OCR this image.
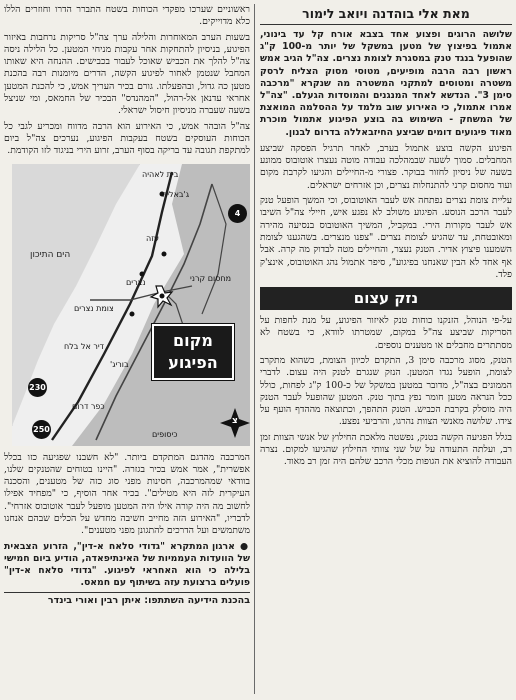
מאת אלי בוהדנה ויואב לימור
שלושה הרוגים ופצוע אחד בצבא אורח קל עד בינוני, אתמול בפיצוץ של מטען במשקל של יותר מ-100 ק"ג שהופעל בנגד טנק במסגרת לצומת נצרים. צה"ל הגיב אמש ראשון רבה הרבה מופיעים, מטוסי מסוק הצליח לרסק משטרה ומטוסים למתקני המשטרה מה שנקרא "מרכבה סימן 3". הנדשא לאחד המנגנים והמוסדות הגעלם. "צה"ל אמרו אתמול, כי האירוע שוב מלמד על ההסלמה המואצת של המשחק - השימוש בה בוצע הפיגוע אתמול מוכרת מאוד פיגועים דומים שביצע החיזבאללה בדרום לבנון.

הפיגוע הקשה בוצע אתמול בערב, לאחר תרגיל הפסקה שביצע המחבלים. סמוך לשעה שבמהלכה עבודה מוטה נעצרו אוטובוס ממונע בשעה של ניסיון לחזור בבוקר. פצורי מ-החיילים והגיעו לקרבת מקום ועוד מחסום קרני להתנחלות נצרים, וכן אזרחים ישראלים.

עליית צומת נצרים נפתחה אש לעבר האוטובוס, וכי המשך הופעל טנק לעבר הרכב הנוסע. הפיגוע משולב לא נפגע איש, חיילי צה"ל השיבו אש לעבר מקורות הירי. במקביל, המשיך האוטובוס בנסיעה מהירה ומאובטחת, עד שהגיע לצומת נצרים. "צפנו מנצרים. בשהגענו לצומת השמענו פיצוץ אדיר. הטנק נעצר, והחיילים מטה לבדוק מה קרה. אבל אף אחד לא הבין שאנחנו בפיגוע", סיפר אתמול נהג האוטובוס, אינצ'ק פלד.

נזק עצום

על-פי הנוהל, הזנקנו כוחות טנק לאיזור הפיגוע, על מנת לחפות על הסריקות שביצע צה"ל במקום, שמטרתו לוודא, כי בשטח לא מסתתרים מחבלים או מטענים נוספים.

הטנק, מסוג מרכבה סימן 3, התקדם לכיוון הצומת, כשהוא מתקרב לצומת, הופעל נגדו המטען. הנזק שנגרם לטנק היה עצום. לדברי הממונים בצה"ל, מדובר במטען במשקל של כ-100 ק"ג לפחות, כולל ככל הנראה מטען חומר נפץ בתוך טנק. המטען שהופעל לעבר הטנק היה מוסלק בקרבת הכביש. הטנק התהפך, וכתוצאה מההדף הועף על צידו. שלושה מאנשי הצוות נהרגו, והרביעי נפצע.

בגלל הפגיעה הקשה בטנק, נפשטה מלאכת החילוץ של אנשי הצוות זמן רב, ועלתה התעודה על של שני צוותי החילוץ שהגיעו למקום. נצרה העבודה להוציא את הגופות מכלי הרכב שלהם היה זמן רב מאוד.

ראשוניים שערכו מפקדי הכוחות בשטח התברר הדרו וחוזרים הללו כלא מדוייקים.

בשעות הערב המאוחרות והלילה ערך צה"ל סריקות נרחבות באיזור הפיגוע, בניסיון להתחקות אחר עקבות מניחי המטען. כל הלילה ניסה צה"ל להלך את הכביש שאוכל לעבור בכבישים. ההנחה היא שאותו המחבל שנטמן לאחור לפיגוע הקשה, הדרים מיומנות רבה בהכנת מטען כה גדול, ובהפעלתו. גורם בכיר העריך אמש, כי להכנת המטען אחראי עדנאן אל-רהול, "המהנדס" הבכיר של החמאס, ומי שניצל בשעה שעברה מניסיון חיסול ישראלי.

צה"ל הובהר אמש, כי האירוע הוא הרבה מדווח ומכריע לגבי כל הכוחות העוסקים בשטח בעקבות הפיגוע, נערכים צה"ל ביום למתקפת תגובה עד בריקה בסוף הערב, זרוע הירי בניגוד לזו הקודמת.

הים התיכון
בית לאהיה
ג'באליה
עזה
נצרים	מחסום קרני
צומת נצרים
דיר אל בלח
בוריג'
כפר דרום
כיסופים
4
230
250
מקום
הפיגוע
צ

המרכבה מהדגם המתקדם ביותר. "לא חשבנו שפגיעה כזו בכלל אפשרית", אמר אמש בכיר בגזרה. "היינו בטוחים שהטנקים שלנו, בוודאי שמהמרכבה, חסינות מפני סוג כזה של מטענים, והסכנה העיקרית לזה היא מטילים". בכיר אחר הוסיף, כי "מפחיד אפילו לחשוב מה היה קורה אילו היה המטען מופעל לעבר אוטובוס אזרחי". לדבריו, "האירוע הזה מחייב חשיבה מחדש על הכלים שבהם אנחנו משתמשים ועל הדרכים להתגונן מפני מטענים".

● ארגון המתקרא "גדודי סלאח א-דין", הזרוע הצבאית של הוועדות העממיות של האינתיפאדה, הודיע ביום חמישי בלילה כי הוא האחראי לפיגוע. "גדודי סלאח א-דין" פועלים ברצועת עזה בשיתוף עם חמאס.
בהכנת הידיעה השתתפו: איתן רבין ואורי בינדר
